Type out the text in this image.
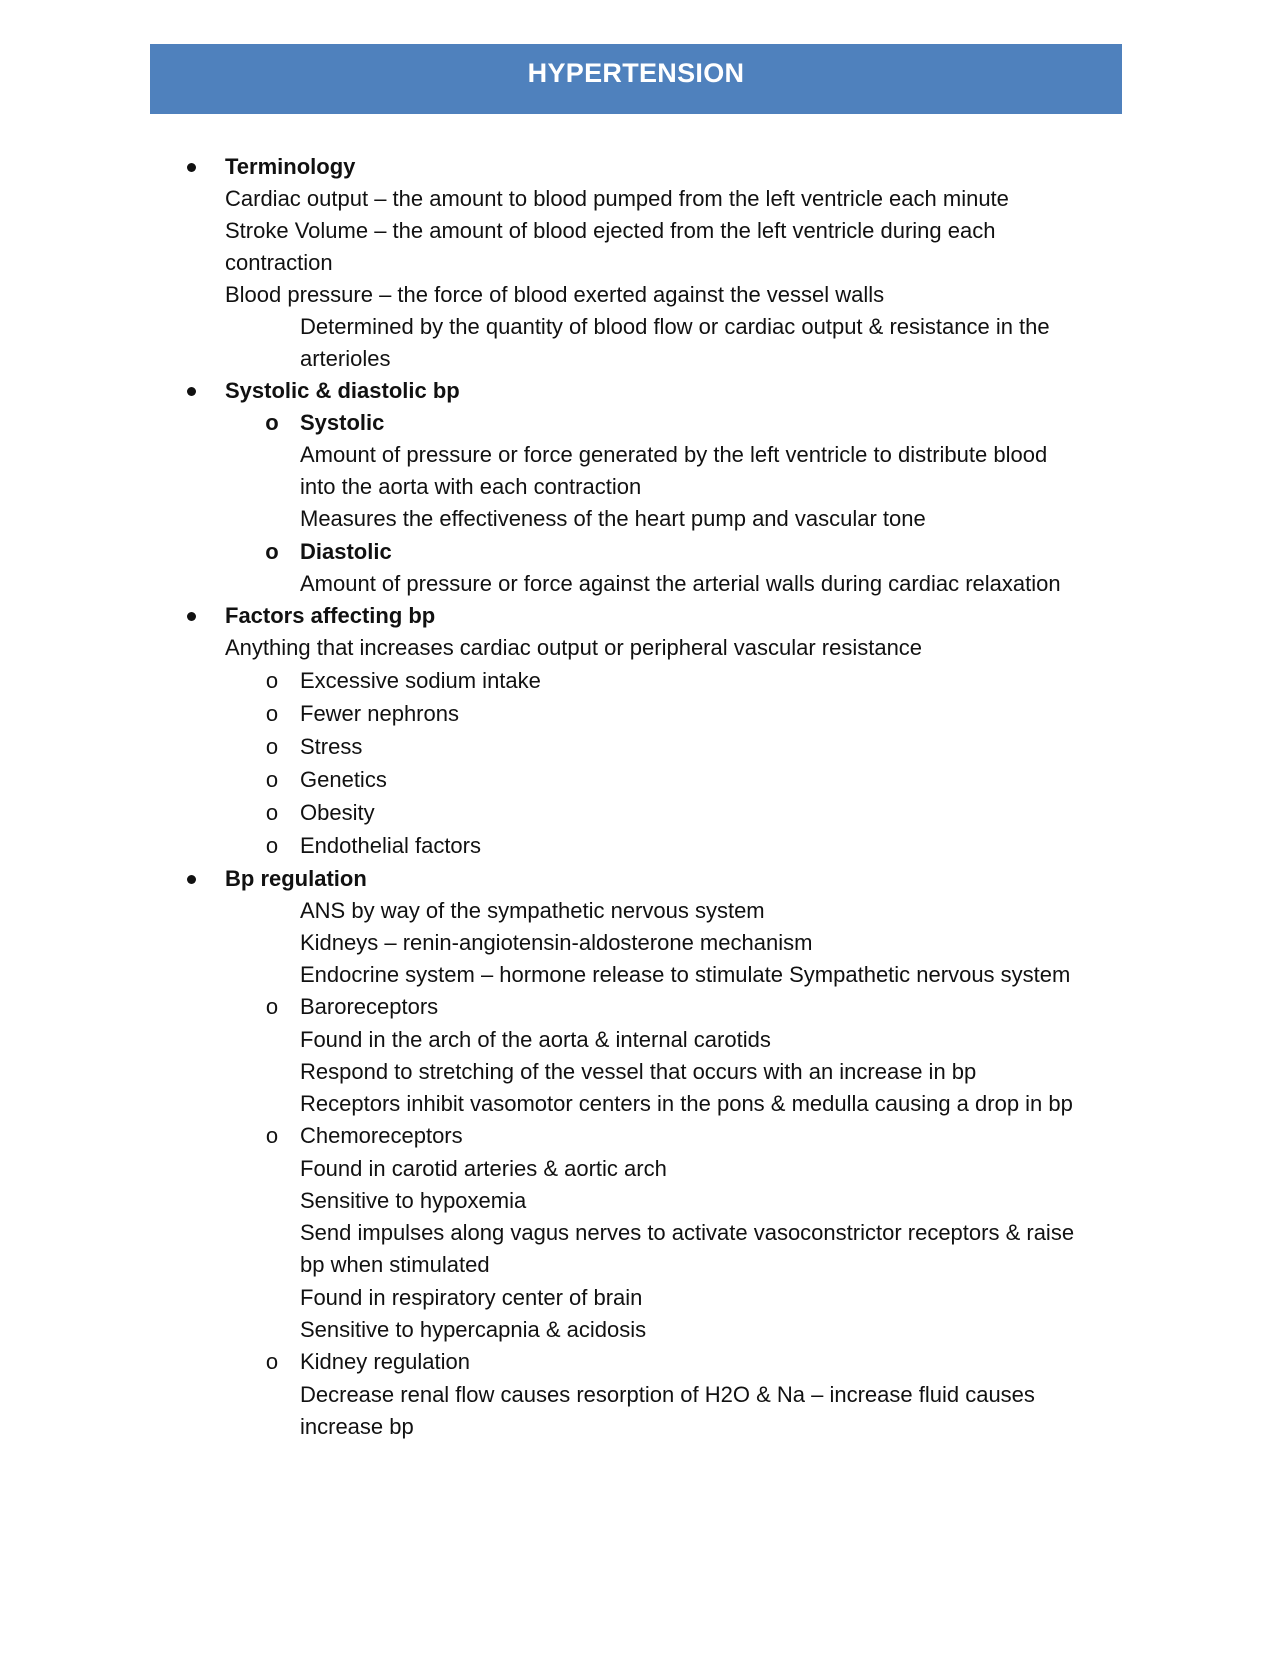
HYPERTENSION
Terminology
Cardiac output – the amount to blood pumped from the left ventricle each minute
Stroke Volume – the amount of blood ejected from the left ventricle during each
contraction
Blood pressure – the force of blood exerted against the vessel walls
Determined by the quantity of blood flow or cardiac output & resistance in the
arterioles
Systolic & diastolic bp
o Systolic
Amount of pressure or force generated by the left ventricle to distribute blood
into the aorta with each contraction
Measures the effectiveness of the heart pump and vascular tone
o Diastolic
Amount of pressure or force against the arterial walls during cardiac relaxation
Factors affecting bp
Anything that increases cardiac output or peripheral vascular resistance
o Excessive sodium intake
o Fewer nephrons
o Stress
o Genetics
o Obesity
o Endothelial factors
Bp regulation
ANS by way of the sympathetic nervous system
Kidneys – renin-angiotensin-aldosterone mechanism
Endocrine system – hormone release to stimulate Sympathetic nervous system
o Baroreceptors
Found in the arch of the aorta & internal carotids
Respond to stretching of the vessel that occurs with an increase in bp
Receptors inhibit vasomotor centers in the pons & medulla causing a drop in bp
o Chemoreceptors
Found in carotid arteries & aortic arch
Sensitive to hypoxemia
Send impulses along vagus nerves to activate vasoconstrictor receptors & raise
bp when stimulated
Found in respiratory center of brain
Sensitive to hypercapnia & acidosis
o Kidney regulation
Decrease renal flow causes resorption of H2O & Na – increase fluid causes
increase bp
